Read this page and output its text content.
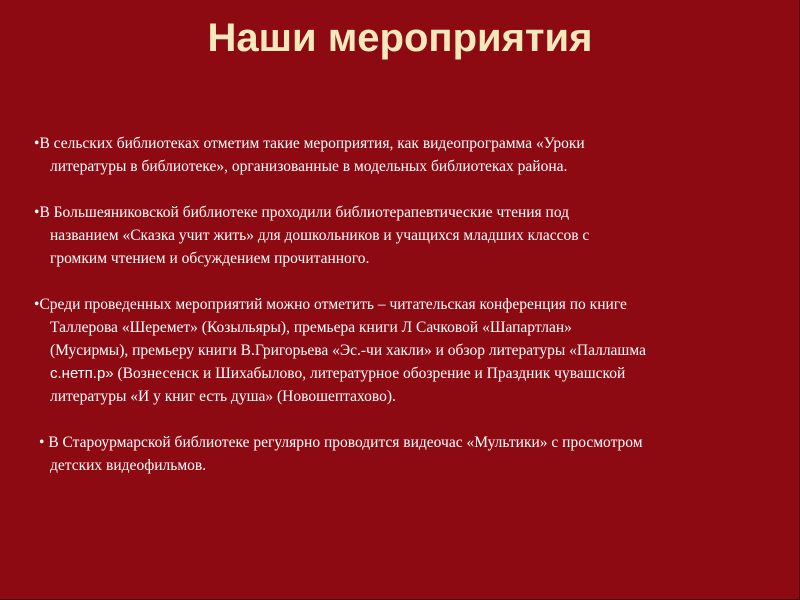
Наши мероприятия
•В сельских библиотеках отметим такие мероприятия, как видеопрограмма «Уроки
литературы в библиотеке», организованные в модельных библиотеках района.
•В Большеяниковской библиотеке проходили библиотерапевтические чтения под
названием «Сказка учит жить» для дошкольников и учащихся младших классов с
громким чтением и обсуждением прочитанного.
•Среди проведенных мероприятий можно отметить – читательская конференция по книге
Таллерова «Шеремет» (Козыльяры), премьера книги Л Сачковой «Шапартлан»
(Мусирмы), премьеру книги В.Григорьева «Эс.-чи хакли» и обзор литературы «Паллашма
с.нетп.р» (Вознесенск и Шихабылово, литературное обозрение и Праздник чувашской
литературы «И у книг есть душа» (Новошептахово).
• В Староурмарской библиотеке регулярно проводится видеочас «Мультики» с просмотром
детских видеофильмов.
